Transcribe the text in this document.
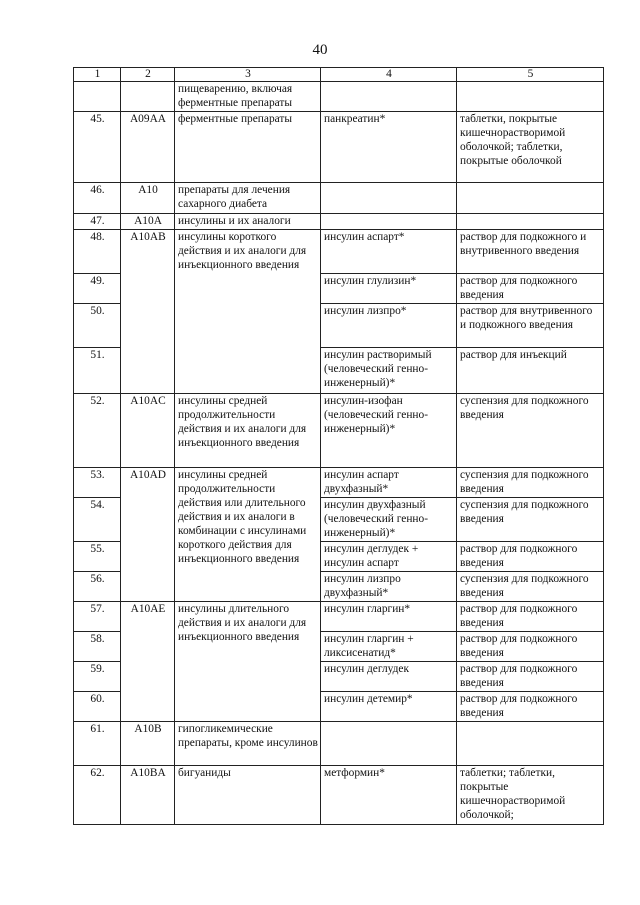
40
1	2	3	4	5
		пищеварению, включая ферментные препараты		
45.	A09AA	ферментные препараты	панкреатин*	таблетки, покрытые кишечнорастворимой оболочкой; таблетки, покрытые оболочкой
46.	A10	препараты для лечения сахарного диабета		
47.	A10A	инсулины и их аналоги		
48.	A10AB	инсулины короткого действия и их аналоги для инъекционного введения	инсулин аспарт*	раствор для подкожного и внутривенного введения
49.			инсулин глулизин*	раствор для подкожного введения
50.			инсулин лизпро*	раствор для внутривенного и подкожного введения
51.			инсулин растворимый (человеческий генно-инженерный)*	раствор для инъекций
52.	A10AC	инсулины средней продолжительности действия и их аналоги для инъекционного введения	инсулин-изофан (человеческий генно-инженерный)*	суспензия для подкожного введения
53.	A10AD	инсулины средней продолжительности действия или длительного действия и их аналоги в комбинации с инсулинами короткого действия для инъекционного введения	инсулин аспарт двухфазный*	суспензия для подкожного введения
54.			инсулин двухфазный (человеческий генно-инженерный)*	суспензия для подкожного введения
55.			инсулин деглудек + инсулин аспарт	раствор для подкожного введения
56.			инсулин лизпро двухфазный*	суспензия для подкожного введения
57.	A10AE	инсулины длительного действия и их аналоги для инъекционного введения	инсулин гларгин*	раствор для подкожного введения
58.			инсулин гларгин + ликсисенатид*	раствор для подкожного введения
59.			инсулин деглудек	раствор для подкожного введения
60.			инсулин детемир*	раствор для подкожного введения
61.	A10B	гипогликемические препараты, кроме инсулинов		
62.	A10BA	бигуаниды	метформин*	таблетки; таблетки, покрытые кишечнорастворимой оболочкой;
